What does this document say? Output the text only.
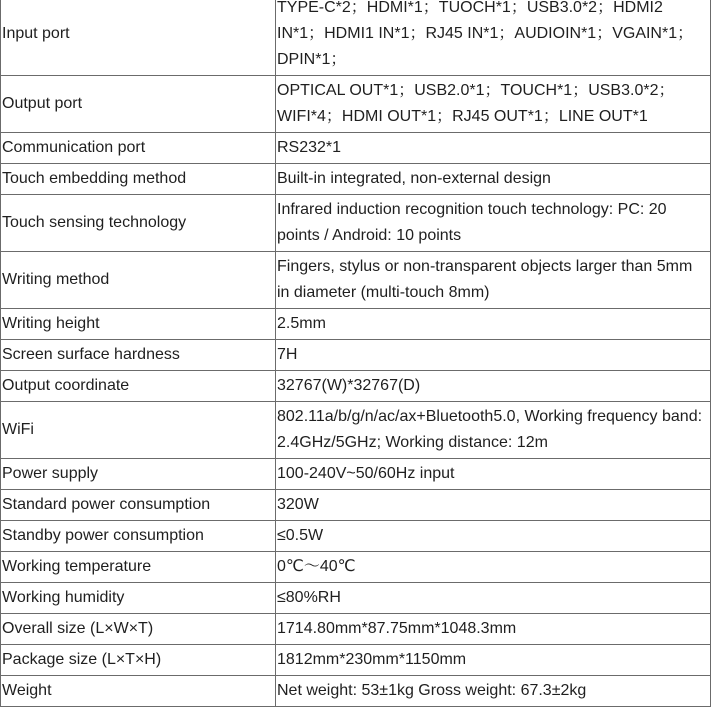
Input port	TYPE-C*2；HDMI*1；TUOCH*1；USB3.0*2；HDMI2 IN*1；HDMI1 IN*1；RJ45 IN*1；AUDIOIN*1；VGAIN*1；DPIN*1；
Output port	OPTICAL OUT*1；USB2.0*1；TOUCH*1；USB3.0*2；WIFI*4；HDMI OUT*1；RJ45 OUT*1；LINE OUT*1
Communication port	RS232*1
Touch embedding method	Built-in integrated, non-external design
Touch sensing technology	Infrared induction recognition touch technology: PC: 20 points / Android: 10 points
Writing method	Fingers, stylus or non-transparent objects larger than 5mm in diameter (multi-touch 8mm)
Writing height	2.5mm
Screen surface hardness	7H
Output coordinate	32767(W)*32767(D)
WiFi	802.11a/b/g/n/ac/ax+Bluetooth5.0, Working frequency band: 2.4GHz/5GHz; Working distance: 12m
Power supply	100-240V~50/60Hz input
Standard power consumption	320W
Standby power consumption	≤0.5W
Working temperature	0℃～40℃
Working humidity	≤80%RH
Overall size (L×W×T)	1714.80mm*87.75mm*1048.3mm
Package size (L×T×H)	1812mm*230mm*1150mm
Weight	Net weight: 53±1kg Gross weight: 67.3±2kg
